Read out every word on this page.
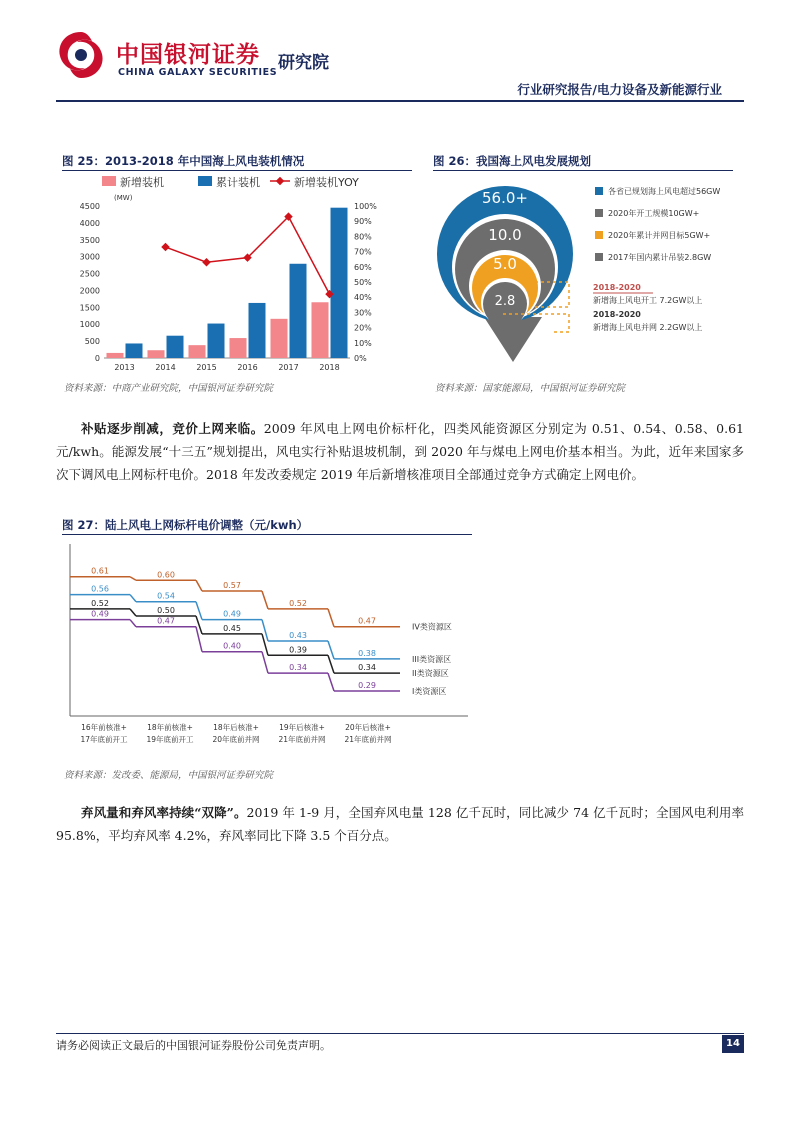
中国银河证券
CHINA GALAXY SECURITIES 研究院
行业研究报告/电力设备及新能源行业
图 25：2013-2018 年中国海上风电装机情况
新增装机	累计装机	新增装机YOY
(MW)
0
500
1000
1500
2000
2500
3000
3500
4000
4500
0%
10%
20%
30%
40%
50%
60%
70%
80%
90%
100%
2013	2014	2015	2016	2017	2018
资料来源：中商产业研究院，中国银河证券研究院
图 26：我国海上风电发展规划
56.0+
10.0
5.0
2.8
各省已规划海上风电超过56GW
2020年开工规模10GW+
2020年累计并网目标5GW+
2017年国内累计吊装2.8GW
2018-2020
新增海上风电开工 7.2GW以上
2018-2020
新增海上风电并网 2.2GW以上
资料来源：国家能源局，中国银河证券研究院
补贴逐步削减，竞价上网来临。2009 年风电上网电价标杆化，四类风能资源区分别定为 0.51、0.54、0.58、0.61 元/kwh。能源发展“十三五”规划提出，风电实行补贴退坡机制，到 2020 年与煤电上网电价基本相当。为此，近年来国家多次下调风电上网标杆电价。2018 年发改委规定 2019 年后新增核准项目全部通过竞争方式确定上网电价。
图 27：陆上风电上网标杆电价调整（元/kwh）
0.61	0.60
0.57
0.52
0.47
0.56
0.54
0.49
0.43
0.38
0.52
0.50
0.45
0.39
0.34
0.49
0.47
0.40
0.34
0.29
16年前核准+
17年底前开工
18年前核准+
19年底前开工
18年后核准+
20年底前并网
19年后核准+
21年底前并网
20年后核准+
21年底前并网
IV类资源区
III类资源区
II类资源区
I类资源区
资料来源：发改委、能源局，中国银河证券研究院
弃风量和弃风率持续“双降”。2019 年 1-9 月，全国弃风电量 128 亿千瓦时，同比减少 74 亿千瓦时；全国风电利用率 95.8%，平均弃风率 4.2%，弃风率同比下降 3.5 个百分点。
请务必阅读正文最后的中国银河证券股份公司免责声明。	14
